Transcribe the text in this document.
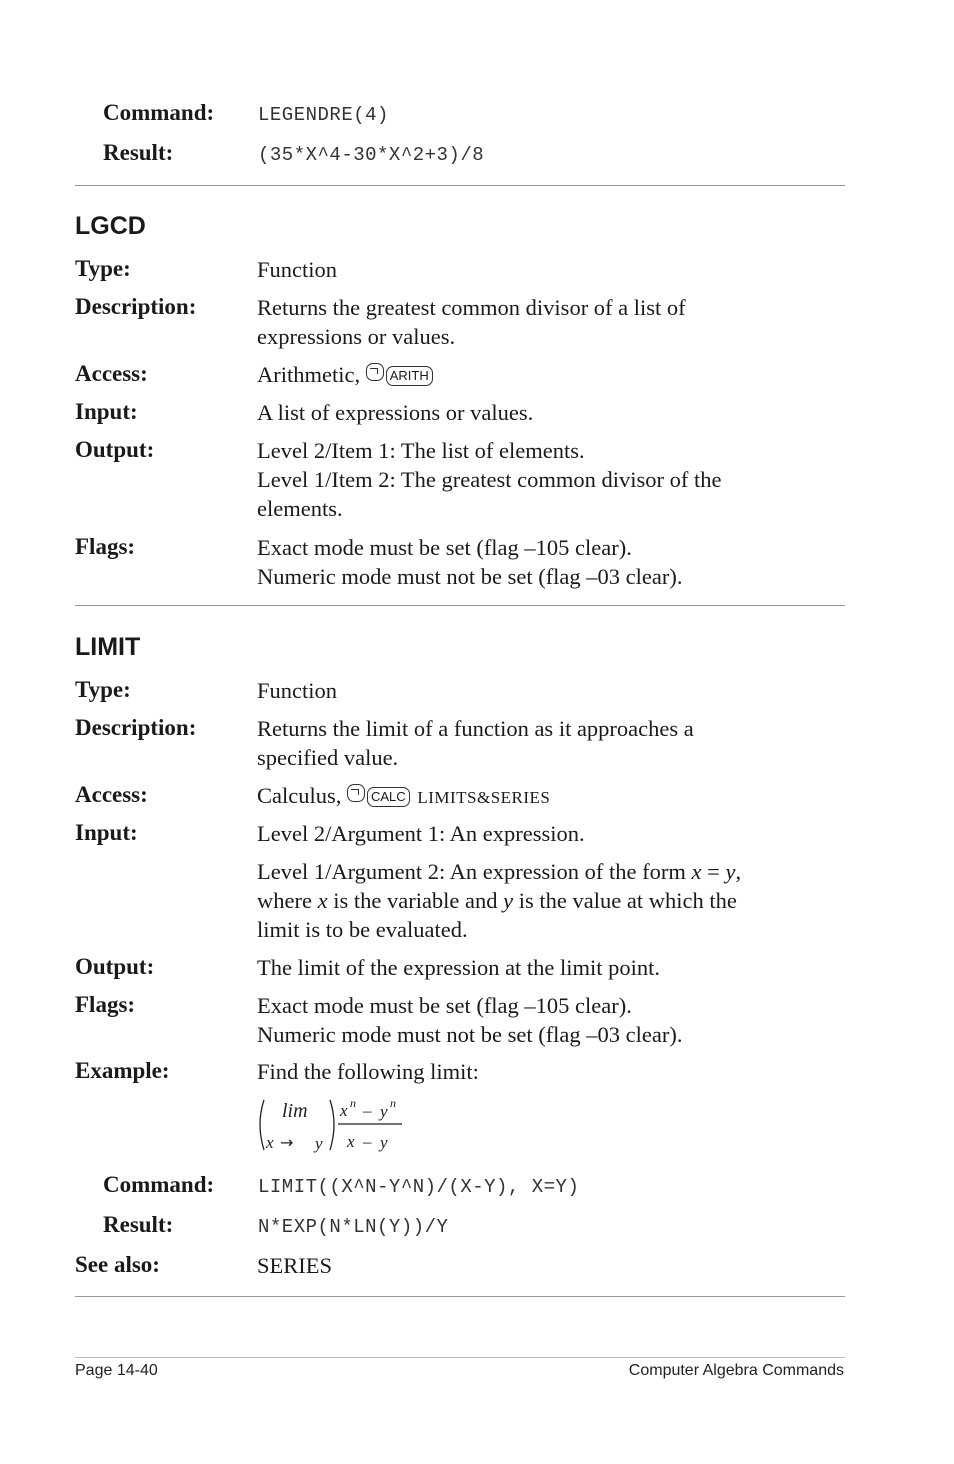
Command: LEGENDRE(4)
Result:	(35*X^4-30*X^2+3)/8
LGCD
Type:	Function
Description:	Returns the greatest common divisor of a list of
expressions or values.
Access:	Arithmetic, ARITH
Input:	A list of expressions or values.
Output:	Level 2/Item 1: The list of elements.
Level 1/Item 2: The greatest common divisor of the
elements.
Flags:	Exact mode must be set (flag –105 clear).
Numeric mode must not be set (flag –03 clear).
LIMIT
Type:	Function
Description:	Returns the limit of a function as it approaches a
specified value.
Access:	Calculus, CALC LIMITS&SERIES
Input:	Level 2/Argument 1: An expression.
Level 1/Argument 2: An expression of the form x = y,
where x is the variable and y is the value at which the
limit is to be evaluated.
Output:	The limit of the expression at the limit point.
Flags:	Exact mode must be set (flag –105 clear).
Numeric mode must not be set (flag –03 clear).
Example:	Find the following limit:
lim
x → y
x n – y n
x – y
Command: LIMIT((X^N-Y^N)/(X-Y), X=Y)
Result:	N*EXP(N*LN(Y))/Y
See also:	SERIES
Page 14-40	Computer Algebra Commands
